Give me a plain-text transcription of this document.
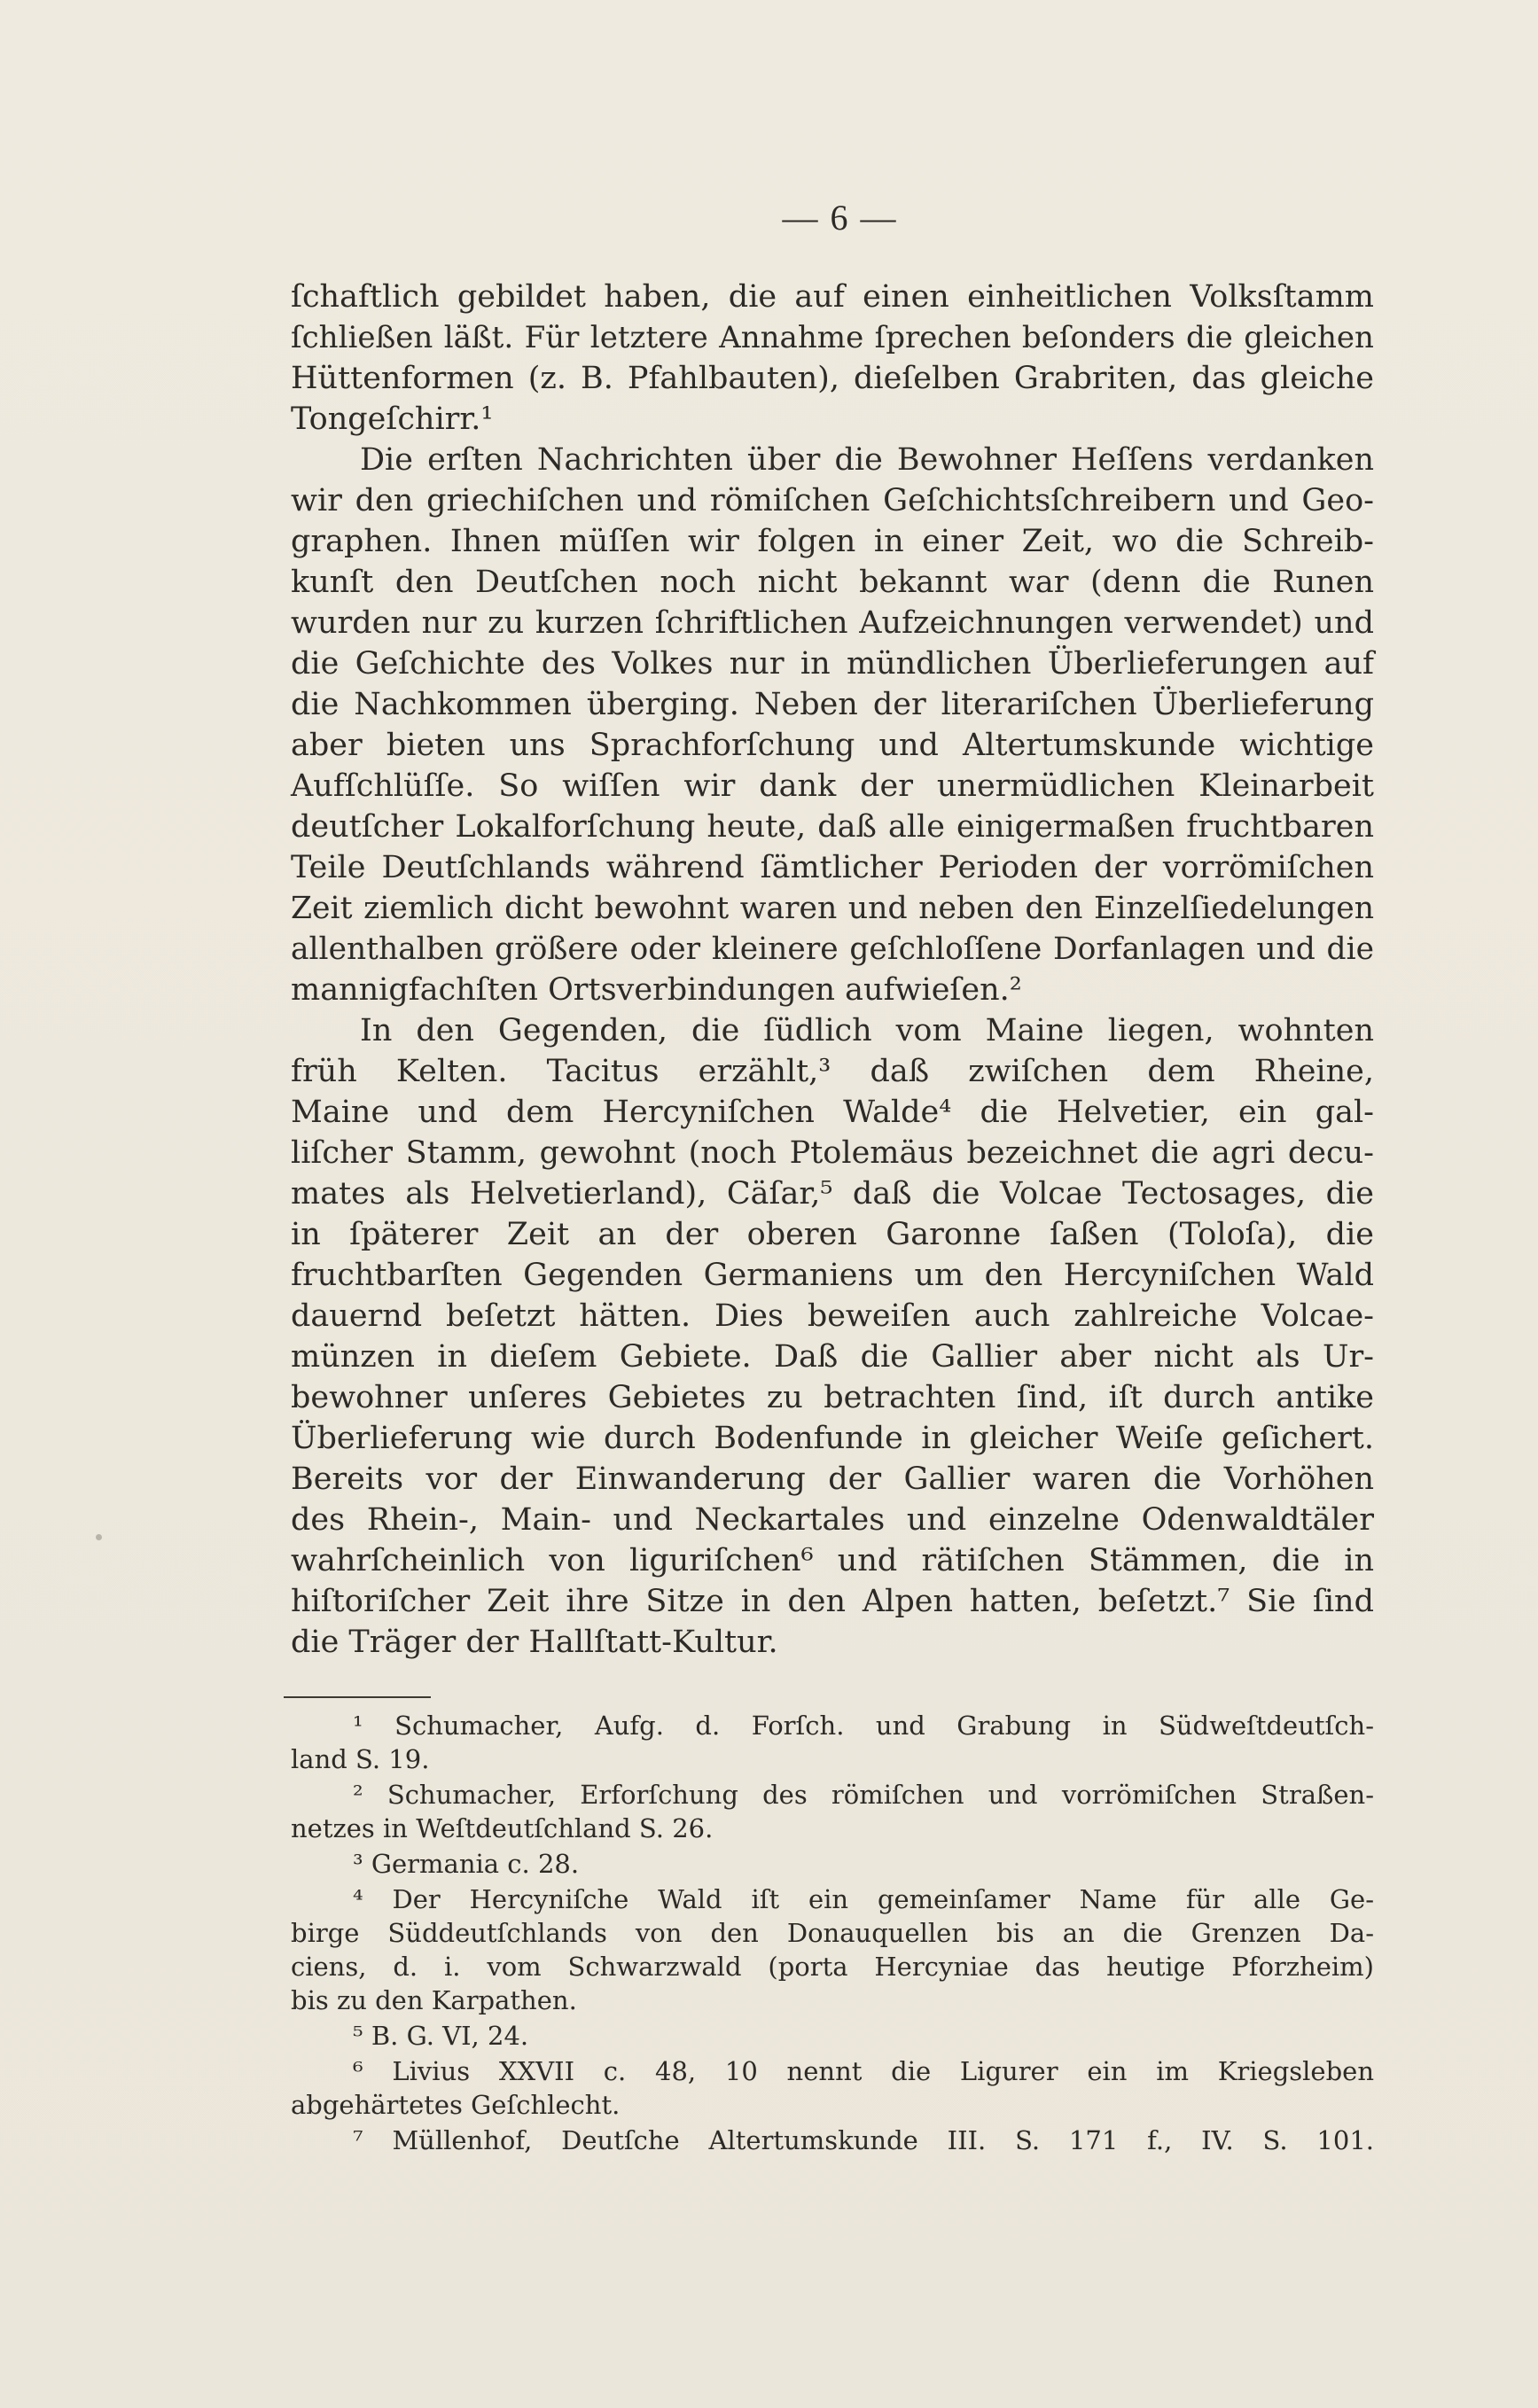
— 6 —
ſchaftlich gebildet haben, die auf einen einheitlichen Volksſtamm
ſchließen läßt. Für letztere Annahme ſprechen beſonders die gleichen
Hüttenformen (z. B. Pfahlbauten), dieſelben Grabriten, das gleiche
Tongeſchirr.¹
Die erſten Nachrichten über die Bewohner Heſſens verdanken
wir den griechiſchen und römiſchen Geſchichtsſchreibern und Geo-
graphen. Ihnen müſſen wir folgen in einer Zeit, wo die Schreib-
kunſt den Deutſchen noch nicht bekannt war (denn die Runen
wurden nur zu kurzen ſchriftlichen Aufzeichnungen verwendet) und
die Geſchichte des Volkes nur in mündlichen Überlieferungen auf
die Nachkommen überging. Neben der literariſchen Überlieferung
aber bieten uns Sprachforſchung und Altertumskunde wichtige
Aufſchlüſſe. So wiſſen wir dank der unermüdlichen Kleinarbeit
deutſcher Lokalforſchung heute, daß alle einigermaßen fruchtbaren
Teile Deutſchlands während ſämtlicher Perioden der vorrömiſchen
Zeit ziemlich dicht bewohnt waren und neben den Einzelſiedelungen
allenthalben größere oder kleinere geſchloſſene Dorfanlagen und die
mannigfachſten Ortsverbindungen aufwieſen.²
In den Gegenden, die ſüdlich vom Maine liegen, wohnten
früh Kelten. Tacitus erzählt,³ daß zwiſchen dem Rheine,
Maine und dem Hercyniſchen Walde⁴ die Helvetier, ein gal-
liſcher Stamm, gewohnt (noch Ptolemäus bezeichnet die agri decu-
mates als Helvetierland), Cäſar,⁵ daß die Volcae Tectosages, die
in ſpäterer Zeit an der oberen Garonne ſaßen (Toloſa), die
fruchtbarſten Gegenden Germaniens um den Hercyniſchen Wald
dauernd beſetzt hätten. Dies beweiſen auch zahlreiche Volcae-
münzen in dieſem Gebiete. Daß die Gallier aber nicht als Ur-
bewohner unſeres Gebietes zu betrachten ſind, iſt durch antike
Überlieferung wie durch Bodenfunde in gleicher Weiſe geſichert.
Bereits vor der Einwanderung der Gallier waren die Vorhöhen
des Rhein-, Main- und Neckartales und einzelne Odenwaldtäler
wahrſcheinlich von liguriſchen⁶ und rätiſchen Stämmen, die in
hiſtoriſcher Zeit ihre Sitze in den Alpen hatten, beſetzt.⁷ Sie ſind
die Träger der Hallſtatt-Kultur.
¹ Schumacher, Aufg. d. Forſch. und Grabung in Südweſtdeutſch-
land S. 19.
² Schumacher, Erforſchung des römiſchen und vorrömiſchen Straßen-
netzes in Weſtdeutſchland S. 26.
³ Germania c. 28.
⁴ Der Hercyniſche Wald iſt ein gemeinſamer Name für alle Ge-
birge Süddeutſchlands von den Donauquellen bis an die Grenzen Da-
ciens, d. i. vom Schwarzwald (porta Hercyniae das heutige Pforzheim)
bis zu den Karpathen.
⁵ B. G. VI, 24.
⁶ Livius XXVII c. 48, 10 nennt die Ligurer ein im Kriegsleben
abgehärtetes Geſchlecht.
⁷ Müllenhof, Deutſche Altertumskunde III. S. 171 f., IV. S. 101.
